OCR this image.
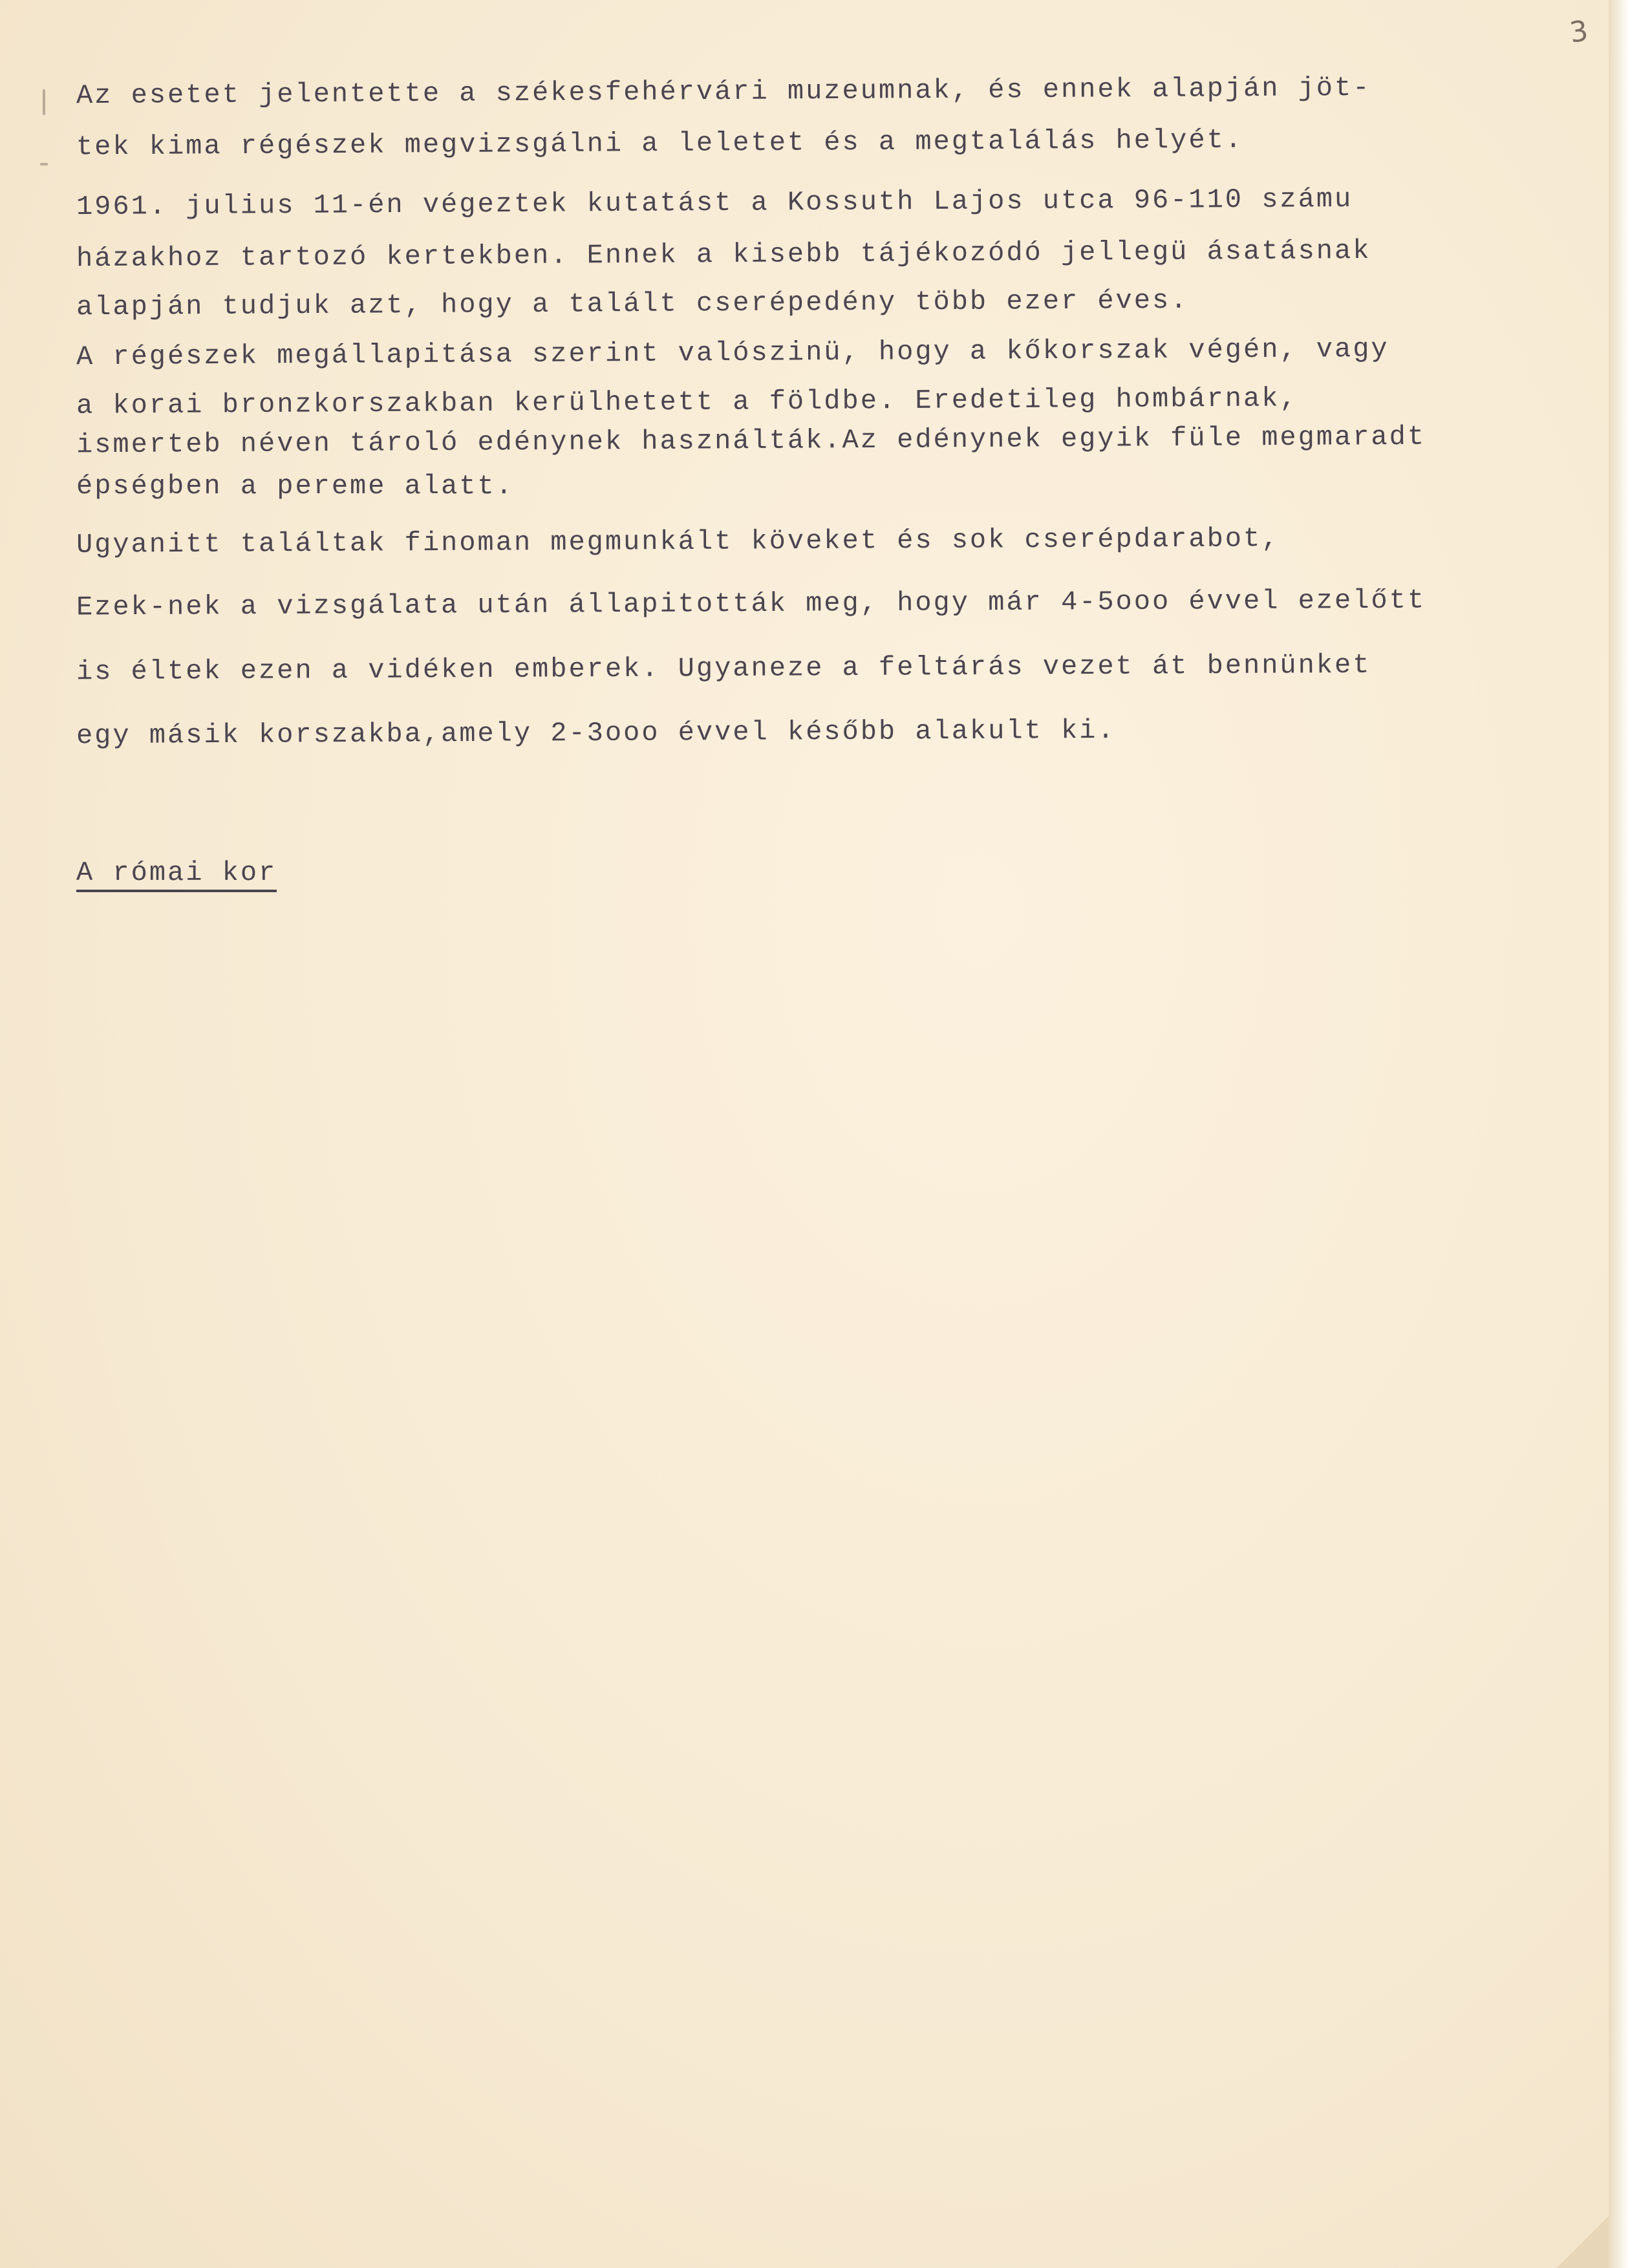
3

Az esetet jelentette a székesfehérvári muzeumnak, és ennek alapján jöt-

tek kima régészek megvizsgálni a leletet és a megtalálás helyét.

1961. julius 11-én végeztek kutatást a Kossuth Lajos utca 96-110 számu

házakhoz tartozó kertekben. Ennek a kisebb tájékozódó jellegü ásatásnak

alapján tudjuk azt, hogy a talált cserépedény több ezer éves.

A régészek megállapitása szerint valószinü, hogy a kőkorszak végén, vagy

a korai bronzkorszakban kerülhetett a földbe. Eredetileg hombárnak,

ismerteb néven tároló edénynek használták.Az edénynek egyik füle megmaradt

épségben a pereme alatt.

Ugyanitt találtak finoman megmunkált köveket és sok cserépdarabot,

Ezek-nek a vizsgálata után állapitották meg, hogy már 4-5ooo évvel ezelőtt

is éltek ezen a vidéken emberek. Ugyaneze a feltárás vezet át bennünket

egy másik korszakba,amely 2-3ooo évvel később alakult ki.

A római kor
